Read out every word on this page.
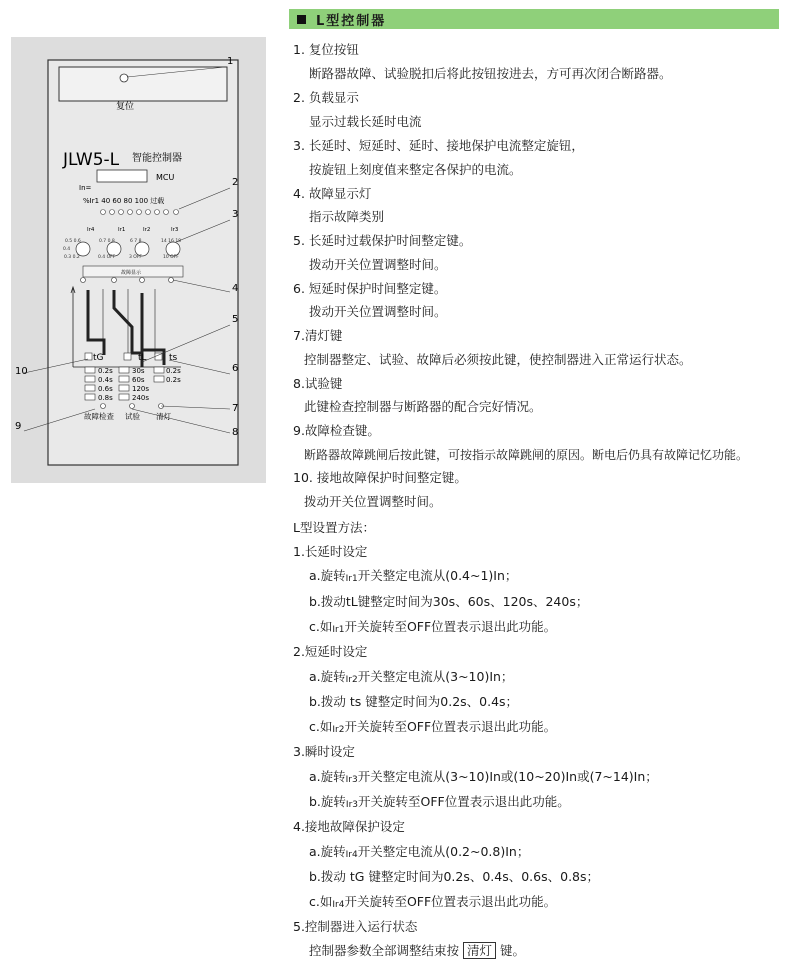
L型控制器
复位
JLW5-L 智能控制器
MCU
In=
%Ir1 40 60 80 100 过载
Ir4	Ir1	Ir2	Ir3
0.5 0.6
0.4
0.3 0.2
0.7 0.8
0.4 OFF
6 7 8
3 OFF
14 16 18
10 OFF
故障显示
tG	tL ts
0.2s
0.4s
0.6s
0.8s
30s
60s
120s
240s
0.2s
0.2s
故障检查 试验 清灯
1
2
3
4
5
6
7
8
9
10
1. 复位按钮
断路器故障、试验脱扣后将此按钮按进去，方可再次闭合断路器。
2. 负载显示
显示过载长延时电流
3. 长延时、短延时、延时、接地保护电流整定旋钮，
按旋钮上刻度值来整定各保护的电流。
4. 故障显示灯
指示故障类别
5. 长延时过载保护时间整定键。
拨动开关位置调整时间。
6. 短延时保护时间整定键。
拨动开关位置调整时间。
7.清灯键
控制器整定、试验、故障后必须按此键，使控制器进入正常运行状态。
8.试验键
此键检查控制器与断路器的配合完好情况。
9.故障检查键。
断路器故障跳闸后按此键，可按指示故障跳闸的原因。断电后仍具有故障记忆功能。
10. 接地故障保护时间整定键。
拨动开关位置调整时间。
L型设置方法：
1.长延时设定
a.旋转Ir1开关整定电流从(0.4~1)In；
b.拨动tL键整定时间为30s、60s、120s、240s；
c.如Ir1开关旋转至OFF位置表示退出此功能。
2.短延时设定
a.旋转Ir2开关整定电流从(3~10)In；
b.拨动 ts 键整定时间为0.2s、0.4s；
c.如Ir2开关旋转至OFF位置表示退出此功能。
3.瞬时设定
a.旋转Ir3开关整定电流从(3~10)In或(10~20)In或(7~14)In；
b.旋转Ir3开关旋转至OFF位置表示退出此功能。
4.接地故障保护设定
a.旋转Ir4开关整定电流从(0.2~0.8)In；
b.拨动 tG 键整定时间为0.2s、0.4s、0.6s、0.8s；
c.如Ir4开关旋转至OFF位置表示退出此功能。
5.控制器进入运行状态
控制器参数全部调整结束按 清灯 键。
